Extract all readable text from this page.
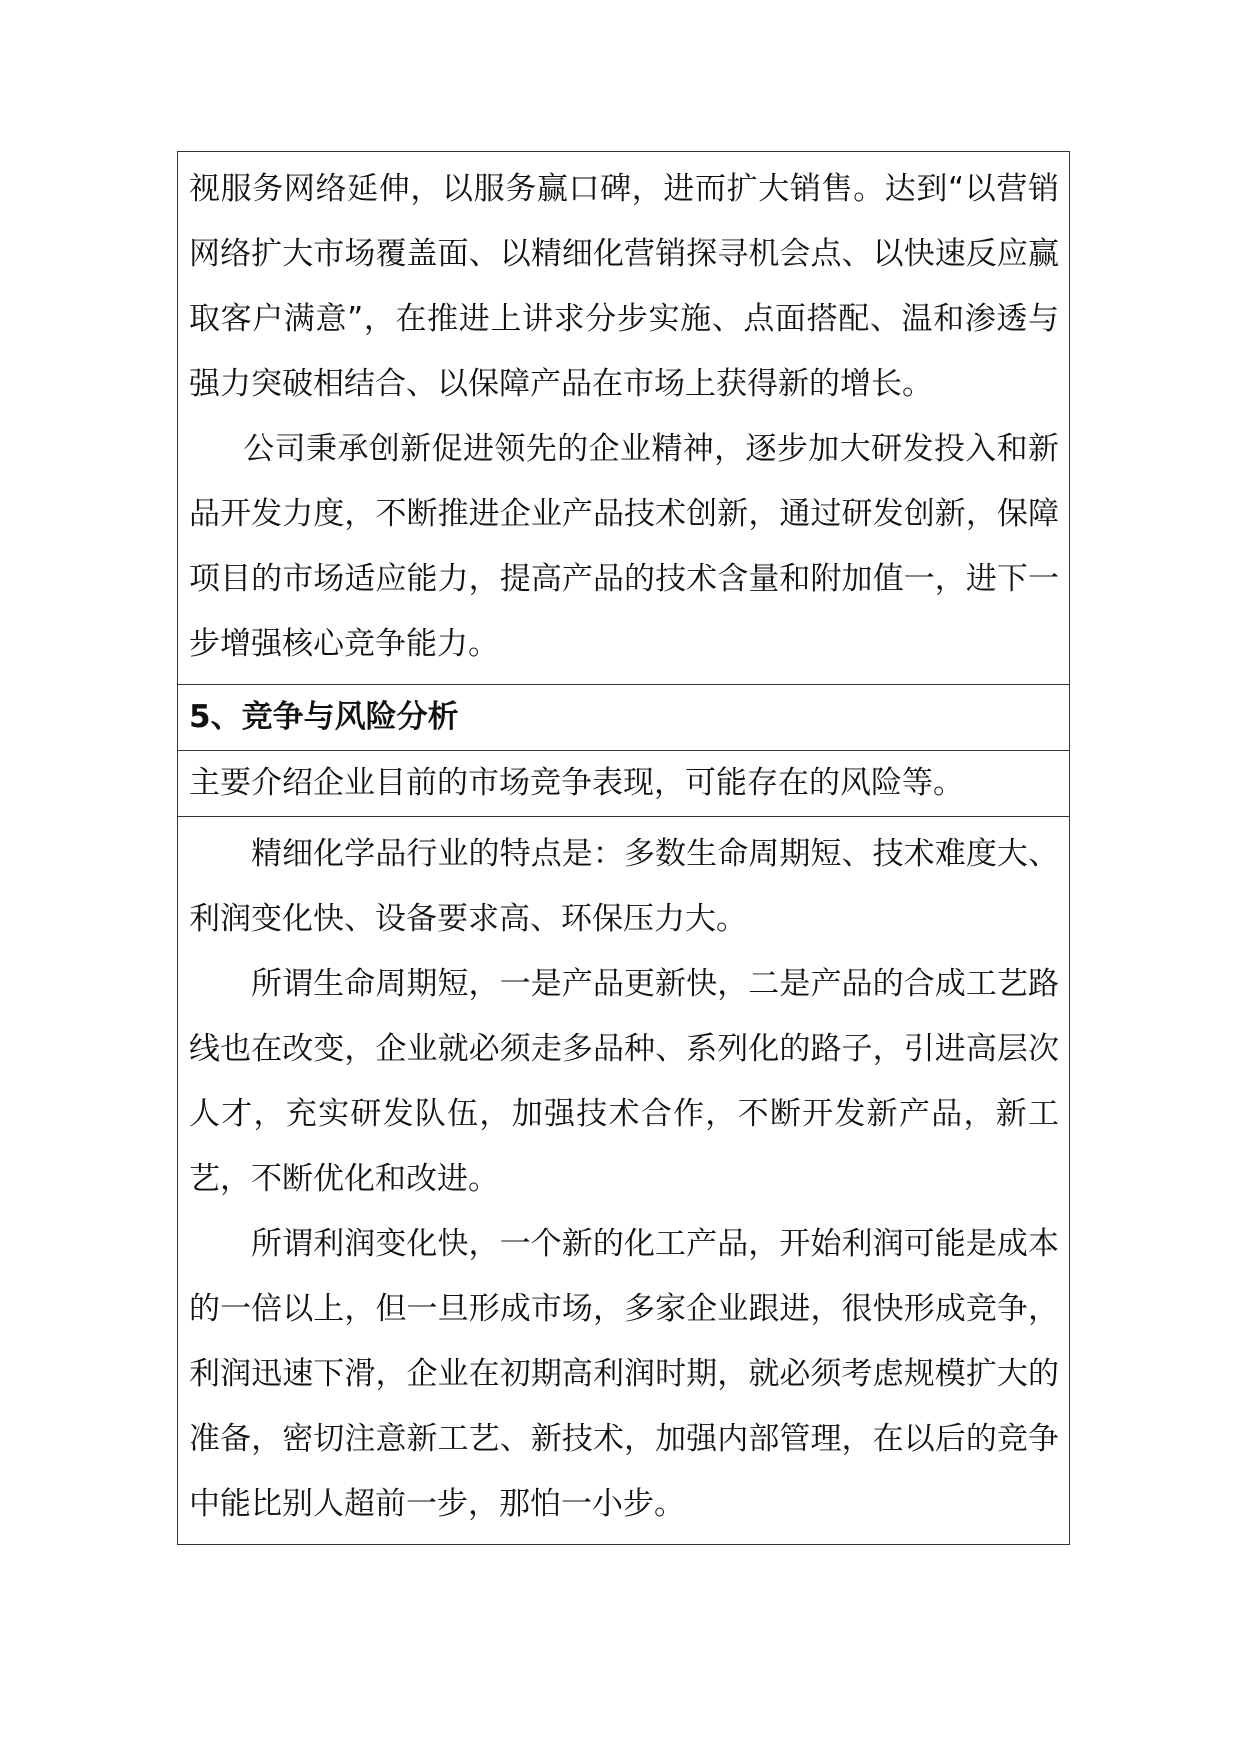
视服务网络延伸，以服务赢口碑，进而扩大销售。达到“以营销网络扩大市场覆盖面、以精细化营销探寻机会点、以快速反应赢取客户满意”，在推进上讲求分步实施、点面搭配、温和渗透与强力突破相结合、以保障产品在市场上获得新的增长。

公司秉承创新促进领先的企业精神，逐步加大研发投入和新品开发力度，不断推进企业产品技术创新，通过研发创新，保障项目的市场适应能力，提高产品的技术含量和附加值一，进下一步增强核心竞争能力。

5、竞争与风险分析

主要介绍企业目前的市场竞争表现，可能存在的风险等。

精细化学品行业的特点是：多数生命周期短、技术难度大、利润变化快、设备要求高、环保压力大。

所谓生命周期短，一是产品更新快，二是产品的合成工艺路线也在改变，企业就必须走多品种、系列化的路子，引进高层次人才，充实研发队伍，加强技术合作，不断开发新产品，新工艺，不断优化和改进。

所谓利润变化快，一个新的化工产品，开始利润可能是成本的一倍以上，但一旦形成市场，多家企业跟进，很快形成竞争，利润迅速下滑，企业在初期高利润时期，就必须考虑规模扩大的准备，密切注意新工艺、新技术，加强内部管理，在以后的竞争中能比别人超前一步，那怕一小步。
